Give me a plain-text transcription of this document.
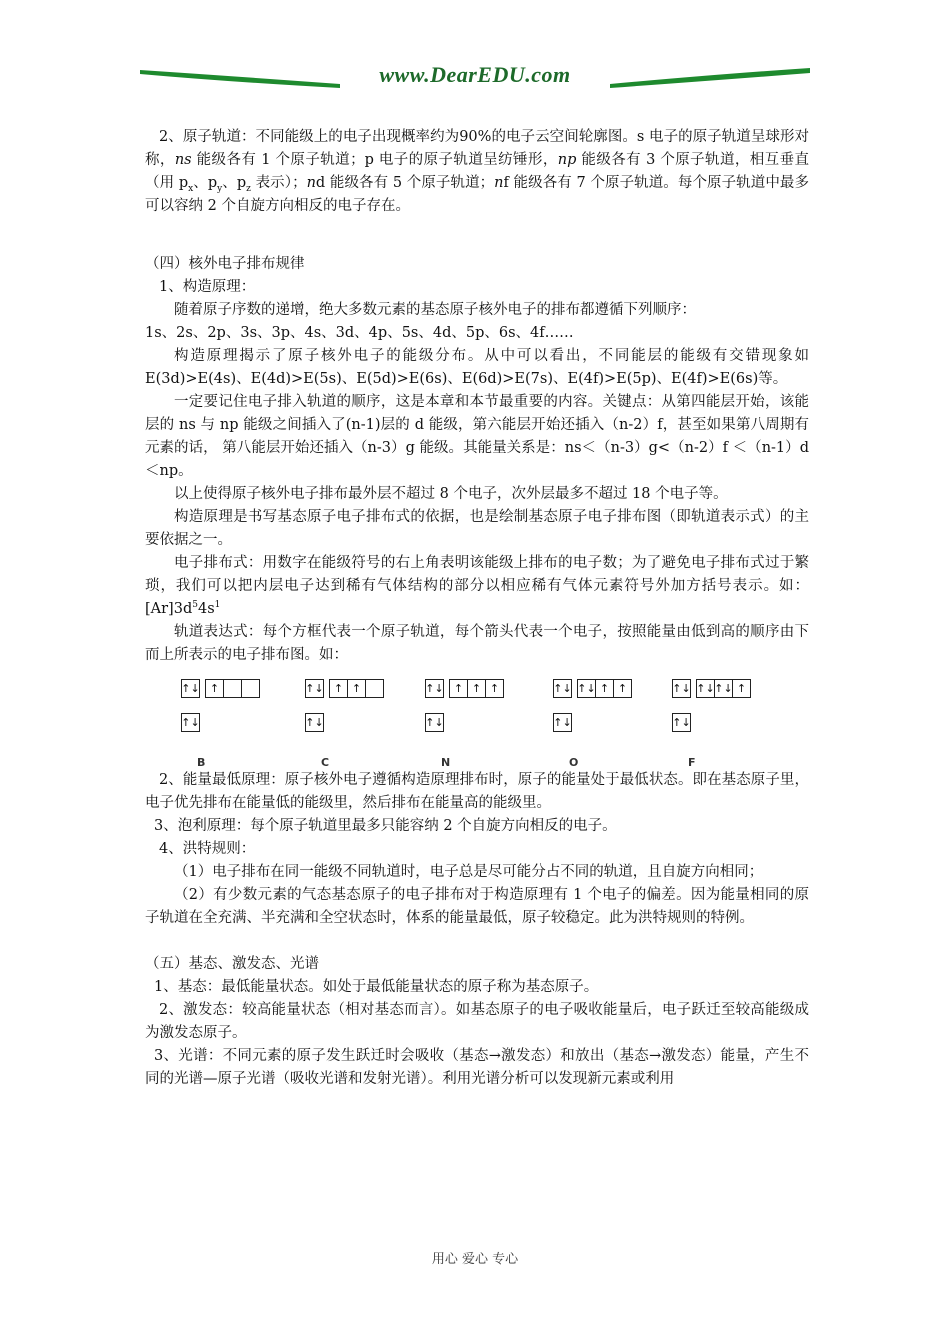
www.DearEDU.com

2、原子轨道：不同能级上的电子出现概率约为90%的电子云空间轮廓图。s 电子的原子轨道呈球形对称，ns 能级各有 1 个原子轨道；p 电子的原子轨道呈纺锤形，np 能级各有 3 个原子轨道，相互垂直（用 $p_x$、$p_y$、$p_z$ 表示）；nd 能级各有 5 个原子轨道；nf 能级各有 7 个原子轨道。每个原子轨道中最多可以容纳 2 个自旋方向相反的电子存在。

（四）核外电子排布规律

1、构造原理：

随着原子序数的递增，绝大多数元素的基态原子核外电子的排布都遵循下列顺序：

1s、2s、2p、3s、3p、4s、3d、4p、5s、4d、5p、6s、4f……

构造原理揭示了原子核外电子的能级分布。从中可以看出，不同能层的能级有交错现象如 E(3d)>E(4s)、E(4d)>E(5s)、E(5d)>E(6s)、E(6d)>E(7s)、E(4f)>E(5p)、E(4f)>E(6s)等。

一定要记住电子排入轨道的顺序，这是本章和本节最重要的内容。关键点：从第四能层开始，该能层的 ns 与 np 能级之间插入了(n-1)层的 d 能级，第六能层开始还插入（n-2）f，甚至如果第八周期有元素的话， 第八能层开始还插入（n-3）g 能级。其能量关系是：ns＜（n-3）g<（n-2）f ＜（n-1）d ＜np。

以上使得原子核外电子排布最外层不超过 8 个电子，次外层最多不超过 18 个电子等。

构造原理是书写基态原子电子排布式的依据，也是绘制基态原子电子排布图（即轨道表示式）的主要依据之一。

电子排布式：用数字在能级符号的右上角表明该能级上排布的电子数；为了避免电子排布式过于繁琐，我们可以把内层电子达到稀有气体结构的部分以相应稀有气体元素符号外加方括号表示。如：$[Ar]3d^54s^1$

轨道表达式：每个方框代表一个原子轨道，每个箭头代表一个电子，按照能量由低到高的顺序由下而上所表示的电子排布图。如：

↑↓ ↑
↑↓
B
↑↓ ↑ ↑
↑↓
C
↑↓ ↑ ↑ ↑
↑↓
N
↑↓ ↑↓ ↑ ↑
↑↓
O
↑↓ ↑↓ ↑↓ ↑
↑↓
F

2、能量最低原理：原子核外电子遵循构造原理排布时，原子的能量处于最低状态。即在基态原子里，电子优先排布在能量低的能级里，然后排布在能量高的能级里。

3、泡利原理：每个原子轨道里最多只能容纳 2 个自旋方向相反的电子。

4、洪特规则：

（1）电子排布在同一能级不同轨道时，电子总是尽可能分占不同的轨道，且自旋方向相同；

（2）有少数元素的气态基态原子的电子排布对于构造原理有 1 个电子的偏差。因为能量相同的原子轨道在全充满、半充满和全空状态时，体系的能量最低，原子较稳定。此为洪特规则的特例。

（五）基态、激发态、光谱

1、基态：最低能量状态。如处于最低能量状态的原子称为基态原子。

2、激发态：较高能量状态（相对基态而言）。如基态原子的电子吸收能量后，电子跃迁至较高能级成为激发态原子。

3、光谱：不同元素的原子发生跃迁时会吸收（基态→激发态）和放出（基态→激发态）能量，产生不同的光谱—原子光谱（吸收光谱和发射光谱）。利用光谱分析可以发现新元素或利用

用心 爱心 专心
